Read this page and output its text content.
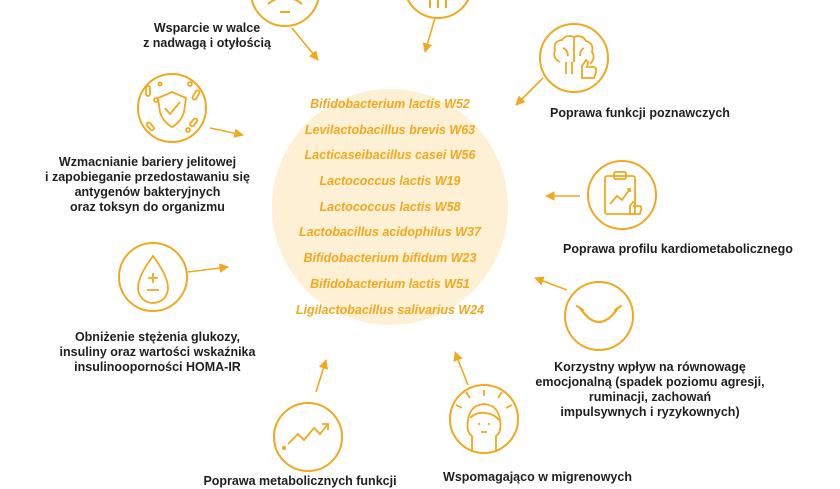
Bifidobacterium lactis W52
Levilactobacillus brevis W63
Lacticaseibacillus casei W56
Lactococcus lactis W19
Lactococcus lactis W58
Lactobacillus acidophilus W37
Bifidobacterium bifidum W23
Bifidobacterium lactis W51
Ligilactobacillus salivarius W24
Wsparcie w walce
z nadwagą i otyłością
Wzmacnianie bariery jelitowej
i zapobieganie przedostawaniu się
antygenów bakteryjnych
oraz toksyn do organizmu
Obniżenie stężenia glukozy,
insuliny oraz wartości wskaźnika
insulinooporności HOMA-IR
Poprawa funkcji poznawczych
Poprawa profilu kardiometabolicznego
Korzystny wpływ na równowagę
emocjonalną (spadek poziomu agresji,
ruminacji, zachowań
impulsywnych i ryzykownych)
Wspomagająco w migrenowych
Poprawa metabolicznych funkcji
